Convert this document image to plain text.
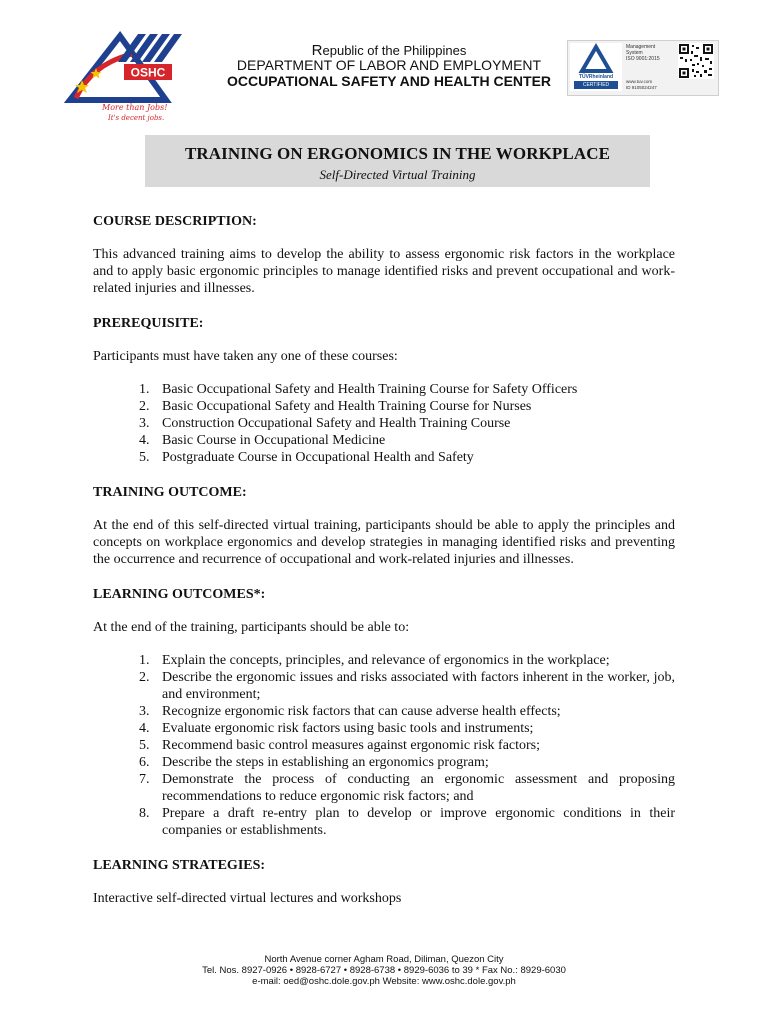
OSHC
More than Jobs!
It's decent jobs.
Republic of the Philippines
DEPARTMENT OF LABOR AND EMPLOYMENT
OCCUPATIONAL SAFETY AND HEALTH CENTER	TÜVRheinland
CERTIFIED
Management
System
ISO 9001:2015
www.tuv.com
ID 9105024247
TRAINING ON ERGONOMICS IN THE WORKPLACE
Self-Directed Virtual Training
COURSE DESCRIPTION:

This advanced training aims to develop the ability to assess ergonomic risk factors in the workplace and to apply basic ergonomic principles to manage identified risks and prevent occupational and work-related injuries and illnesses.

PREREQUISITE:

Participants must have taken any one of these courses:

1. Basic Occupational Safety and Health Training Course for Safety Officers
2. Basic Occupational Safety and Health Training Course for Nurses
3. Construction Occupational Safety and Health Training Course
4. Basic Course in Occupational Medicine
5. Postgraduate Course in Occupational Health and Safety
TRAINING OUTCOME:

At the end of this self-directed virtual training, participants should be able to apply the principles and concepts on workplace ergonomics and develop strategies in managing identified risks and preventing the occurrence and recurrence of occupational and work-related injuries and illnesses.

LEARNING OUTCOMES*:

At the end of the training, participants should be able to:

1. Explain the concepts, principles, and relevance of ergonomics in the workplace;
2. Describe the ergonomic issues and risks associated with factors inherent in the worker, job, and environment;
3. Recognize ergonomic risk factors that can cause adverse health effects;
4. Evaluate ergonomic risk factors using basic tools and instruments;
5. Recommend basic control measures against ergonomic risk factors;
6. Describe the steps in establishing an ergonomics program;
7. Demonstrate the process of conducting an ergonomic assessment and proposing recommendations to reduce ergonomic risk factors; and
8. Prepare a draft re-entry plan to develop or improve ergonomic conditions in their companies or establishments.
LEARNING STRATEGIES:

Interactive self-directed virtual lectures and workshops

North Avenue corner Agham Road, Diliman, Quezon City
Tel. Nos. 8927-0926 • 8928-6727 • 8928-6738 • 8929-6036 to 39 * Fax No.: 8929-6030
e-mail: oed@oshc.dole.gov.ph Website: www.oshc.dole.gov.ph
